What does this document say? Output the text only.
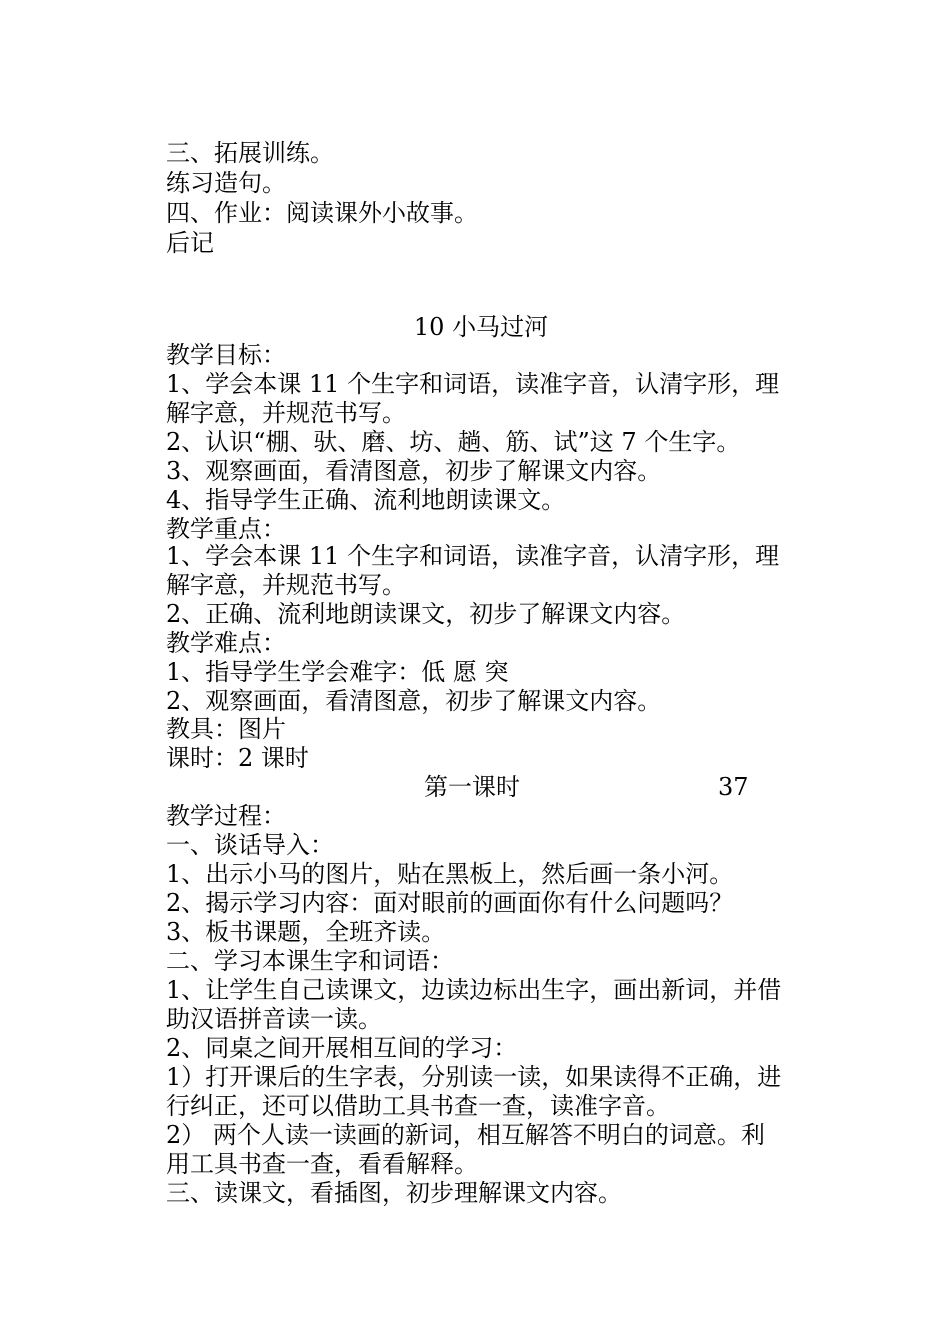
三、拓展训练。
练习造句。
四、作业：阅读课外小故事。
后记
10 小马过河
教学目标：
1、学会本课 11 个生字和词语，读准字音，认清字形，理
解字意，并规范书写。
2、认识“棚、驮、磨、坊、趟、筋、试”这 7 个生字。
3、观察画面，看清图意，初步了解课文内容。
4、指导学生正确、流利地朗读课文。
教学重点：
1、学会本课 11 个生字和词语，读准字音，认清字形，理
解字意，并规范书写。
2、正确、流利地朗读课文，初步了解课文内容。
教学难点：
1、指导学生学会难字：低 愿 突
2、观察画面，看清图意，初步了解课文内容。
教具：图片
课时：2 课时
第一课时	37
教学过程：
一、谈话导入：
1、出示小马的图片，贴在黑板上，然后画一条小河。
2、揭示学习内容：面对眼前的画面你有什么问题吗？
3、板书课题，全班齐读。
二、学习本课生字和词语：
1、让学生自己读课文，边读边标出生字，画出新词，并借
助汉语拼音读一读。
2、同桌之间开展相互间的学习：
1）打开课后的生字表，分别读一读，如果读得不正确，进
行纠正，还可以借助工具书查一查，读准字音。
2） 两个人读一读画的新词，相互解答不明白的词意。利
用工具书查一查，看看解释。
三、读课文，看插图，初步理解课文内容。
